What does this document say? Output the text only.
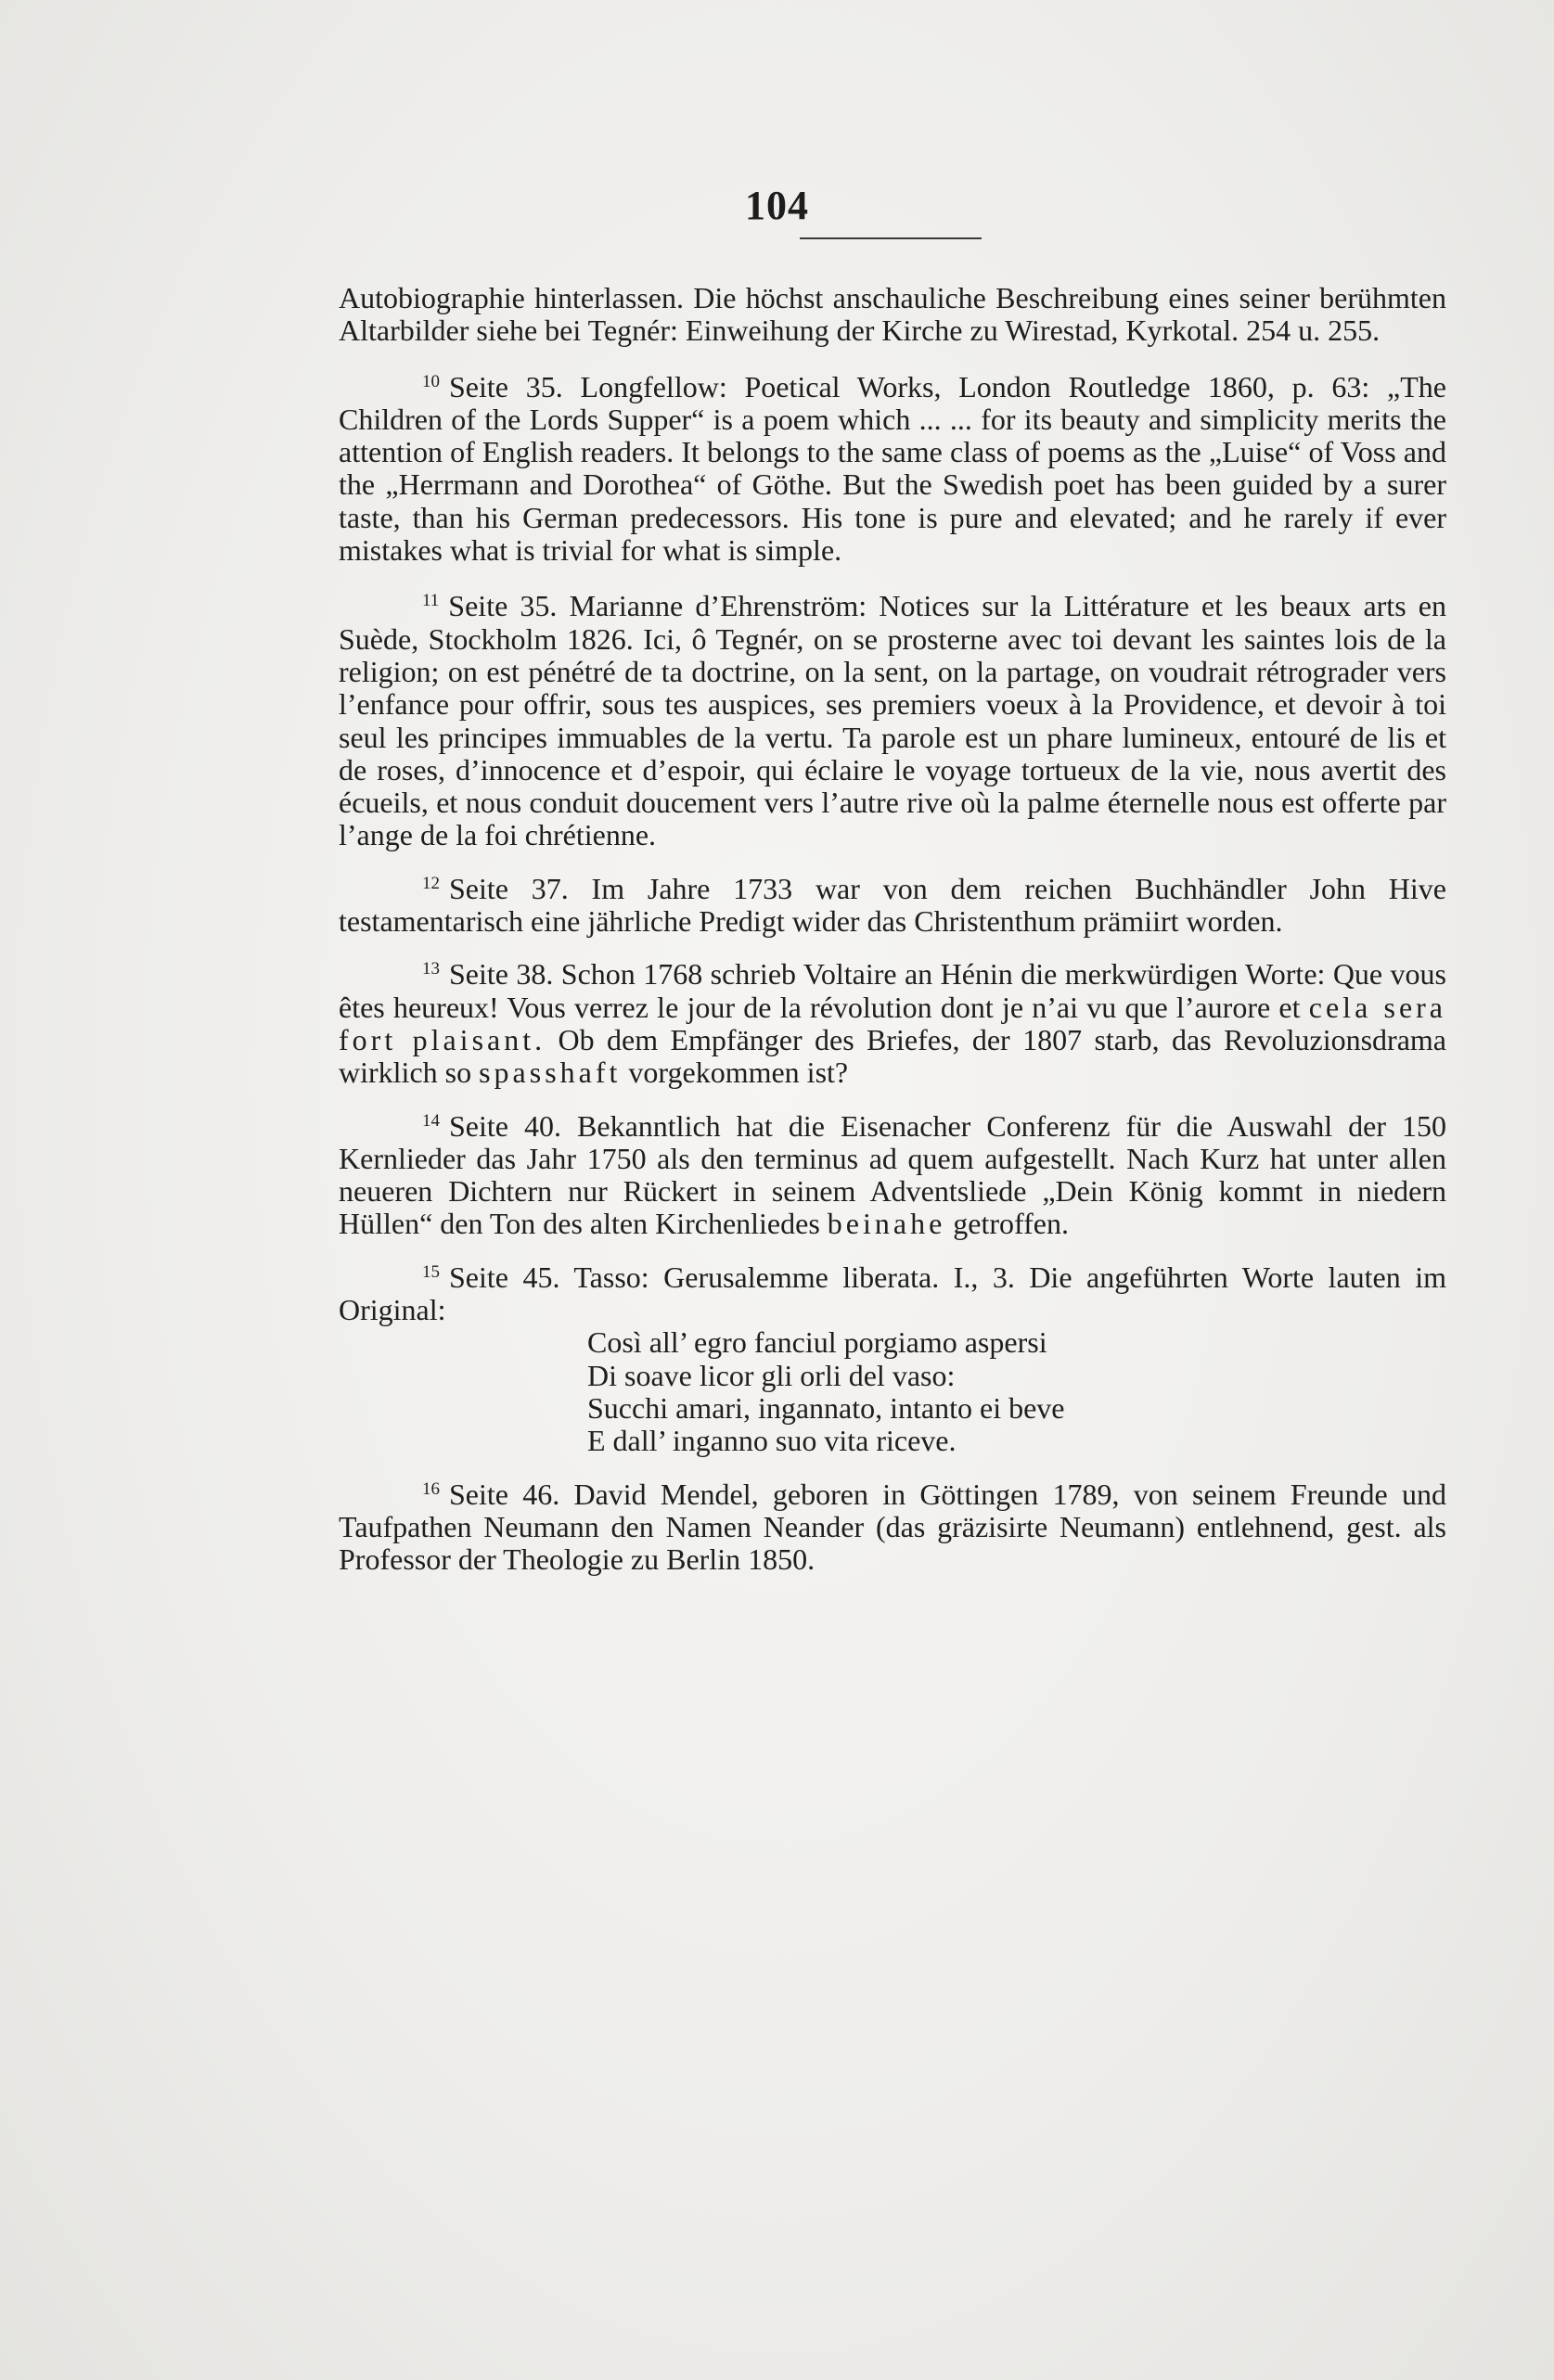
104

Autobiographie hinterlassen. Die höchst anschauliche Beschreibung eines seiner berühmten Altarbilder siehe bei Tegnér: Einweihung der Kirche zu Wirestad, Kyrkotal. 254 u. 255.

$^{10}$ Seite 35. Longfellow: Poetical Works, London Routledge 1860, p. 63: „The Children of the Lords Supper“ is a poem which ... ... for its beauty and simplicity merits the attention of English readers. It belongs to the same class of poems as the „Luise“ of Voss and the „Herrmann and Dorothea“ of Göthe. But the Swedish poet has been guided by a surer taste, than his German predecessors. His tone is pure and elevated; and he rarely if ever mistakes what is trivial for what is simple.

$^{11}$ Seite 35. Marianne d’Ehrenström: Notices sur la Littérature et les beaux arts en Suède, Stockholm 1826. Ici, ô Tegnér, on se prosterne avec toi devant les saintes lois de la religion; on est pénétré de ta doctrine, on la sent, on la partage, on voudrait rétrograder vers l’enfance pour offrir, sous tes auspices, ses premiers voeux à la Providence, et devoir à toi seul les principes immuables de la vertu. Ta parole est un phare lumineux, entouré de lis et de roses, d’innocence et d’espoir, qui éclaire le voyage tortueux de la vie, nous avertit des écueils, et nous conduit doucement vers l’autre rive où la palme éternelle nous est offerte par l’ange de la foi chrétienne.

$^{12}$ Seite 37. Im Jahre 1733 war von dem reichen Buchhändler John Hive testamentarisch eine jährliche Predigt wider das Christenthum prämiirt worden.

$^{13}$ Seite 38. Schon 1768 schrieb Voltaire an Hénin die merkwürdigen Worte: Que vous êtes heureux! Vous verrez le jour de la révolution dont je n’ai vu que l’aurore et cela sera fort plaisant. Ob dem Empfänger des Briefes, der 1807 starb, das Revoluzionsdrama wirklich so spasshaft vorgekommen ist?

$^{14}$ Seite 40. Bekanntlich hat die Eisenacher Conferenz für die Auswahl der 150 Kernlieder das Jahr 1750 als den terminus ad quem aufgestellt. Nach Kurz hat unter allen neueren Dichtern nur Rückert in seinem Adventsliede „Dein König kommt in niedern Hüllen“ den Ton des alten Kirchenliedes beinahe getroffen.

$^{15}$ Seite 45. Tasso: Gerusalemme liberata. I., 3. Die angeführten Worte lauten im Original:

Così all’ egro fanciul porgiamo aspersi
Di soave licor gli orli del vaso:
Succhi amari, ingannato, intanto ei beve
E dall’ inganno suo vita riceve.

$^{16}$ Seite 46. David Mendel, geboren in Göttingen 1789, von seinem Freunde und Taufpathen Neumann den Namen Neander (das gräzisirte Neumann) entlehnend, gest. als Professor der Theologie zu Berlin 1850.
